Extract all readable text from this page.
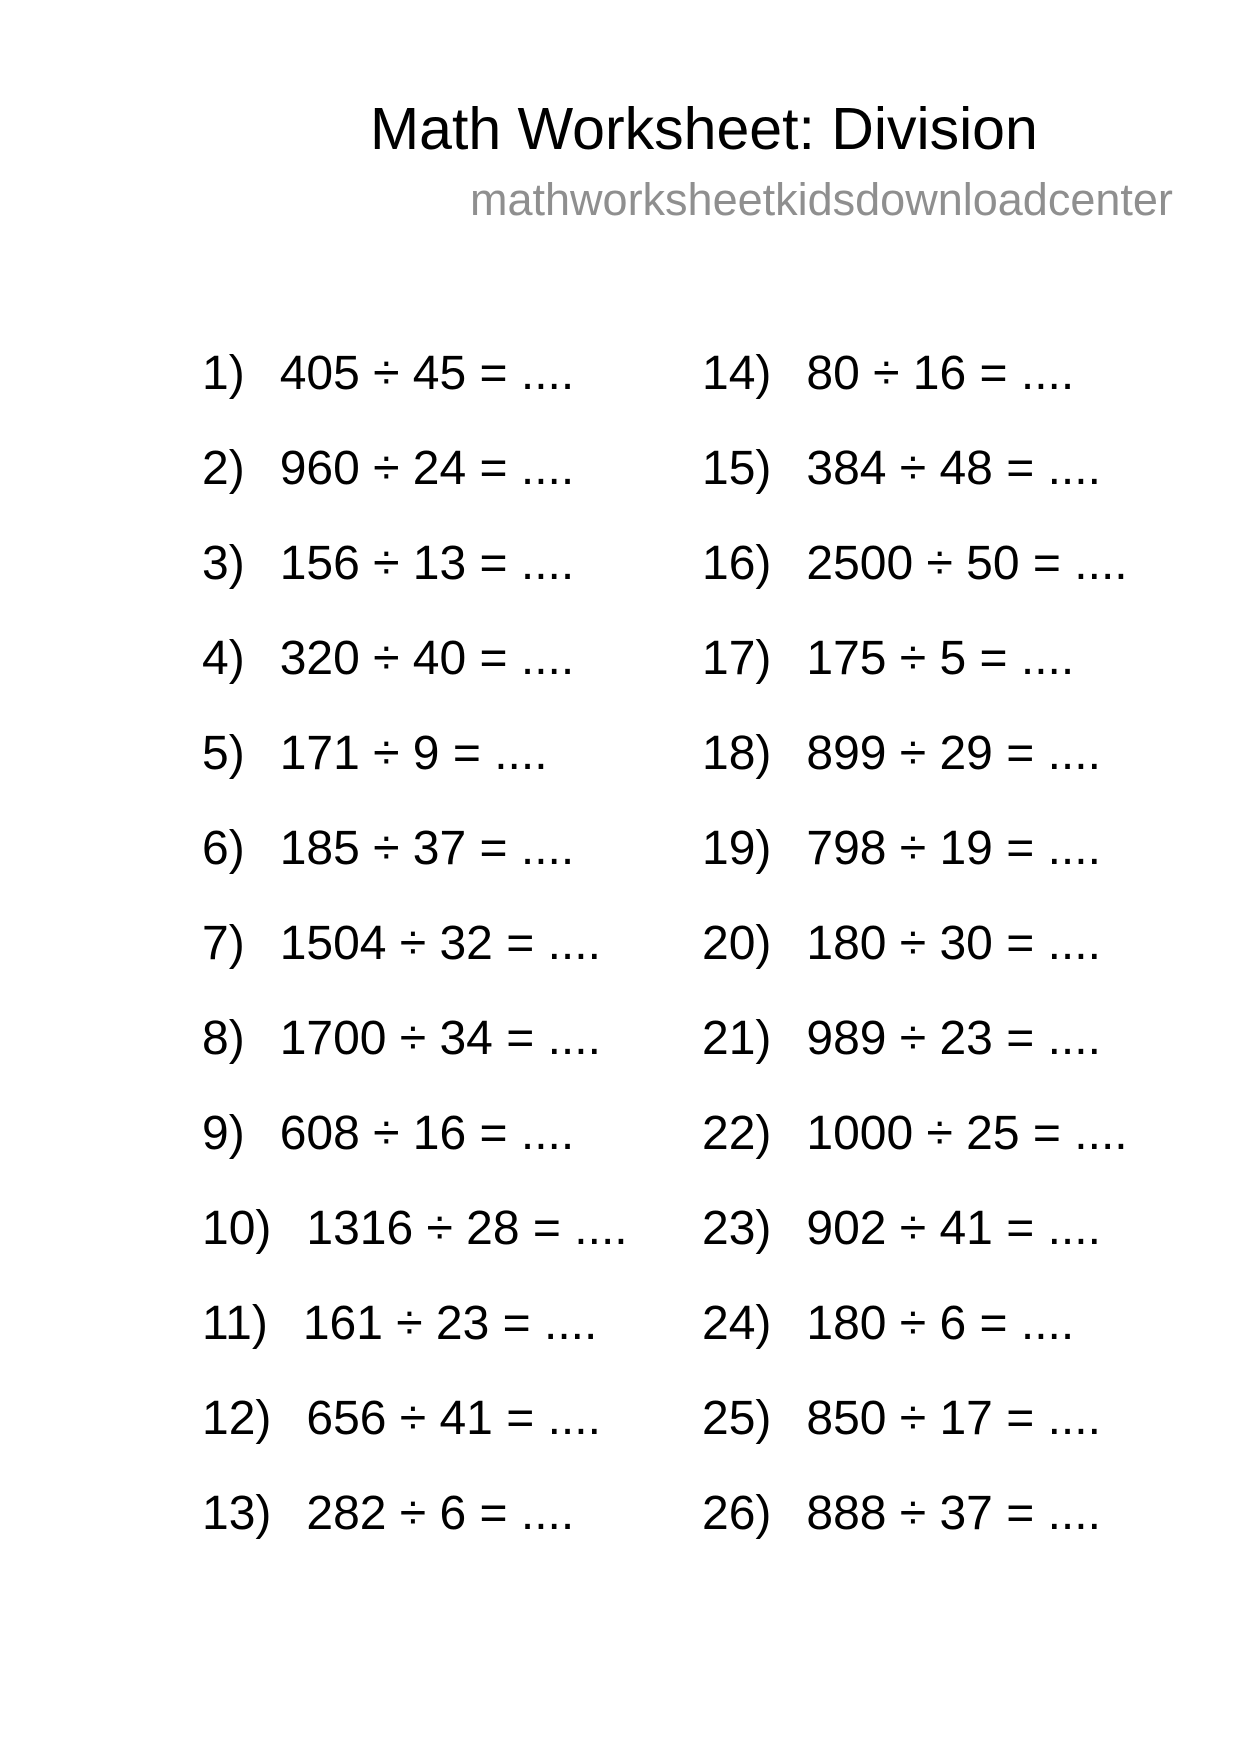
Math Worksheet: Division
mathworksheetkidsdownloadcenter
1) 405 ÷ 45 = ....
2) 960 ÷ 24 = ....
3) 156 ÷ 13 = ....
4) 320 ÷ 40 = ....
5) 171 ÷ 9 = ....
6) 185 ÷ 37 = ....
7) 1504 ÷ 32 = ....
8) 1700 ÷ 34 = ....
9) 608 ÷ 16 = ....
10) 1316 ÷ 28 = ....
11) 161 ÷ 23 = ....
12) 656 ÷ 41 = ....
13) 282 ÷ 6 = ....
14) 80 ÷ 16 = ....
15) 384 ÷ 48 = ....
16) 2500 ÷ 50 = ....
17) 175 ÷ 5 = ....
18) 899 ÷ 29 = ....
19) 798 ÷ 19 = ....
20) 180 ÷ 30 = ....
21) 989 ÷ 23 = ....
22) 1000 ÷ 25 = ....
23) 902 ÷ 41 = ....
24) 180 ÷ 6 = ....
25) 850 ÷ 17 = ....
26) 888 ÷ 37 = ....
